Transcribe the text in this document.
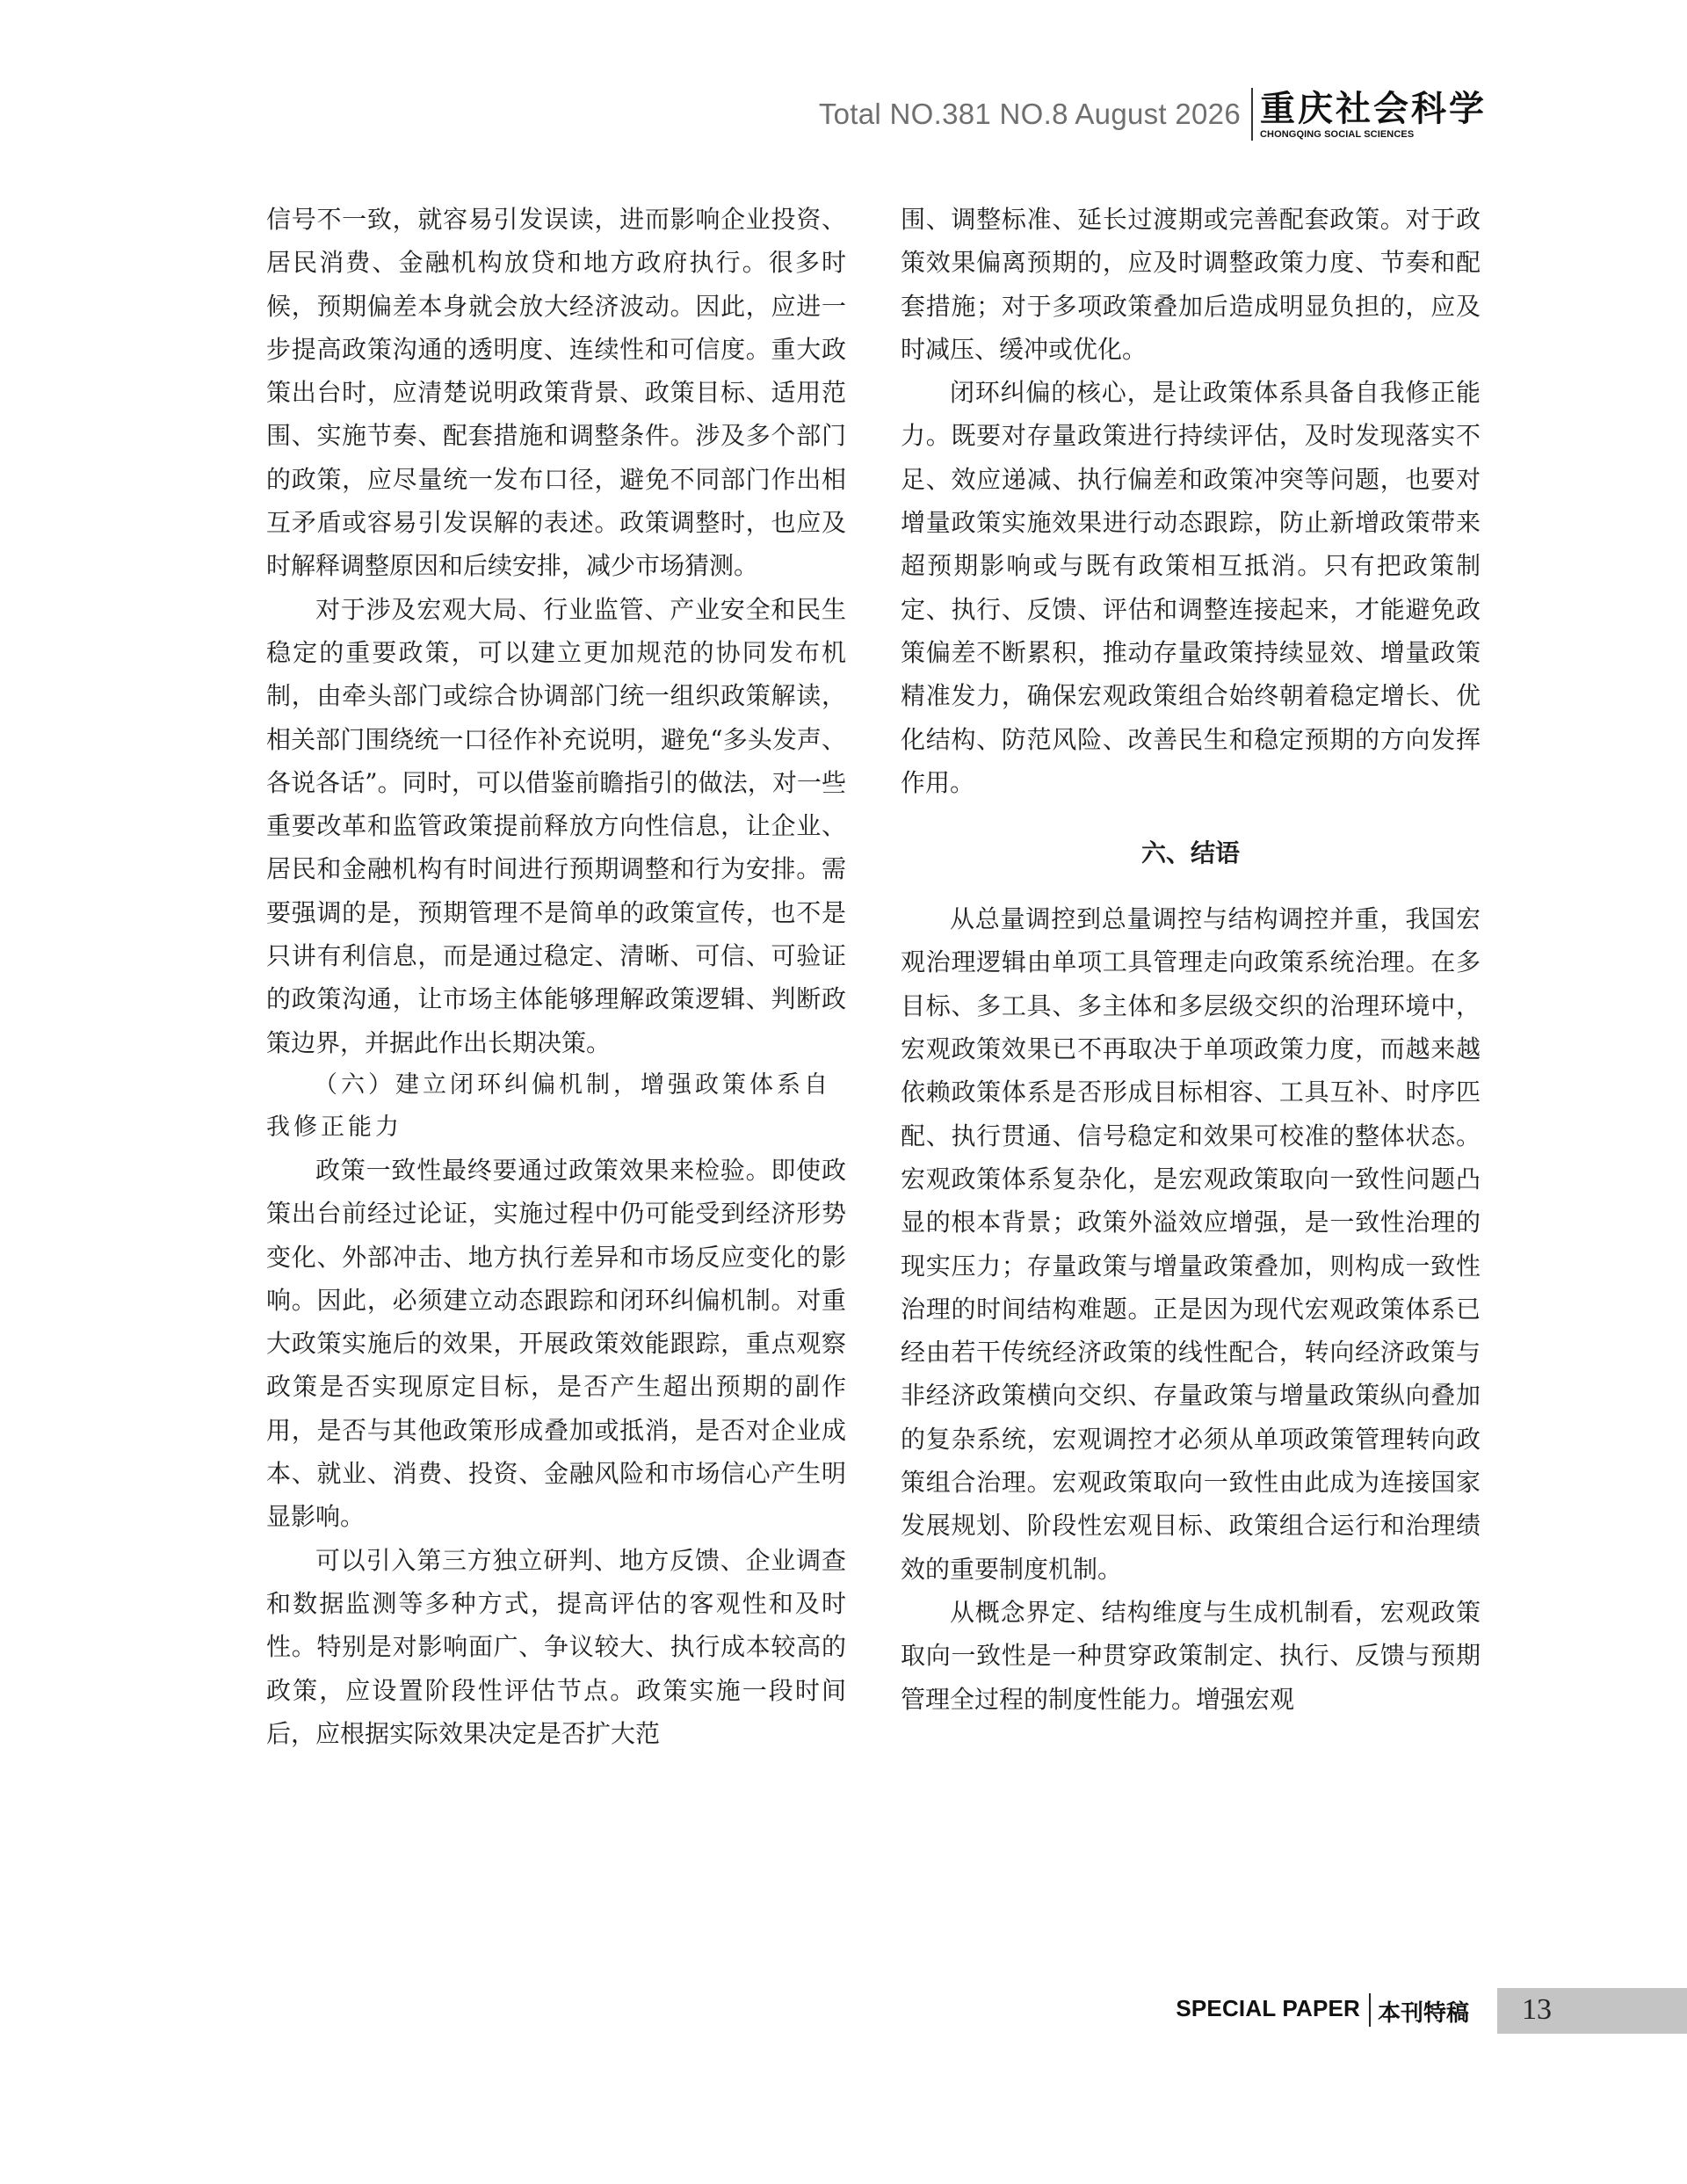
Total NO.381 NO.8 August 2026 重庆社会科学
CHONGQING SOCIAL SCIENCES

信号不一致，就容易引发误读，进而影响企业投资、居民消费、金融机构放贷和地方政府执行。很多时候，预期偏差本身就会放大经济波动。因此，应进一步提高政策沟通的透明度、连续性和可信度。重大政策出台时，应清楚说明政策背景、政策目标、适用范围、实施节奏、配套措施和调整条件。涉及多个部门的政策，应尽量统一发布口径，避免不同部门作出相互矛盾或容易引发误解的表述。政策调整时，也应及时解释调整原因和后续安排，减少市场猜测。

对于涉及宏观大局、行业监管、产业安全和民生稳定的重要政策，可以建立更加规范的协同发布机制，由牵头部门或综合协调部门统一组织政策解读，相关部门围绕统一口径作补充说明，避免“多头发声、各说各话”。同时，可以借鉴前瞻指引的做法，对一些重要改革和监管政策提前释放方向性信息，让企业、居民和金融机构有时间进行预期调整和行为安排。需要强调的是，预期管理不是简单的政策宣传，也不是只讲有利信息，而是通过稳定、清晰、可信、可验证的政策沟通，让市场主体能够理解政策逻辑、判断政策边界，并据此作出长期决策。

（六）建立闭环纠偏机制，增强政策体系自我修正能力

政策一致性最终要通过政策效果来检验。即使政策出台前经过论证，实施过程中仍可能受到经济形势变化、外部冲击、地方执行差异和市场反应变化的影响。因此，必须建立动态跟踪和闭环纠偏机制。对重大政策实施后的效果，开展政策效能跟踪，重点观察政策是否实现原定目标，是否产生超出预期的副作用，是否与其他政策形成叠加或抵消，是否对企业成本、就业、消费、投资、金融风险和市场信心产生明显影响。

可以引入第三方独立研判、地方反馈、企业调查和数据监测等多种方式，提高评估的客观性和及时性。特别是对影响面广、争议较大、执行成本较高的政策，应设置阶段性评估节点。政策实施一段时间后，应根据实际效果决定是否扩大范

围、调整标准、延长过渡期或完善配套政策。对于政策效果偏离预期的，应及时调整政策力度、节奏和配套措施；对于多项政策叠加后造成明显负担的，应及时减压、缓冲或优化。

闭环纠偏的核心，是让政策体系具备自我修正能力。既要对存量政策进行持续评估，及时发现落实不足、效应递减、执行偏差和政策冲突等问题，也要对增量政策实施效果进行动态跟踪，防止新增政策带来超预期影响或与既有政策相互抵消。只有把政策制定、执行、反馈、评估和调整连接起来，才能避免政策偏差不断累积，推动存量政策持续显效、增量政策精准发力，确保宏观政策组合始终朝着稳定增长、优化结构、防范风险、改善民生和稳定预期的方向发挥作用。

六、结语

从总量调控到总量调控与结构调控并重，我国宏观治理逻辑由单项工具管理走向政策系统治理。在多目标、多工具、多主体和多层级交织的治理环境中，宏观政策效果已不再取决于单项政策力度，而越来越依赖政策体系是否形成目标相容、工具互补、时序匹配、执行贯通、信号稳定和效果可校准的整体状态。宏观政策体系复杂化，是宏观政策取向一致性问题凸显的根本背景；政策外溢效应增强，是一致性治理的现实压力；存量政策与增量政策叠加，则构成一致性治理的时间结构难题。正是因为现代宏观政策体系已经由若干传统经济政策的线性配合，转向经济政策与非经济政策横向交织、存量政策与增量政策纵向叠加的复杂系统，宏观调控才必须从单项政策管理转向政策组合治理。宏观政策取向一致性由此成为连接国家发展规划、阶段性宏观目标、政策组合运行和治理绩效的重要制度机制。

从概念界定、结构维度与生成机制看，宏观政策取向一致性是一种贯穿政策制定、执行、反馈与预期管理全过程的制度性能力。增强宏观

SPECIAL PAPER 本刊特稿 13
